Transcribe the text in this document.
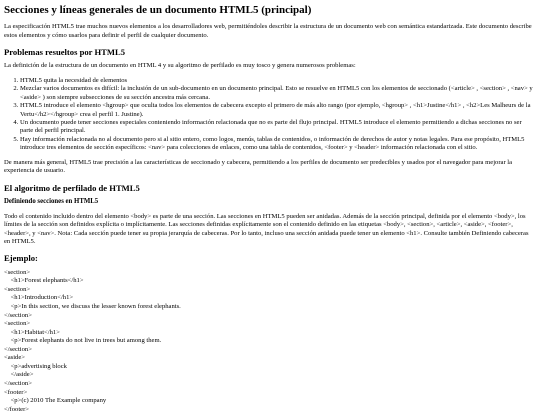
Secciones y líneas generales de un documento HTML5 (principal)

La especificación HTML5 trae muchos nuevos elementos a los desarrolladores web, permitiéndoles describir la estructura de un documento web con semántica estandarizada. Este documento describe estos elementos y cómo usarlos para definir el perfil de cualquier documento.

Problemas resueltos por HTML5

La definición de la estructura de un documento en HTML 4 y su algoritmo de perfilado es muy tosco y genera numerosos problemas:

1. HTML5 quita la necesidad de elementos
2. Mezclar varios documentos es difícil: la inclusión de un sub-documento en un documento principal. Esto se resuelve en HTML5 con los elementos de seccionado (<article> , <section> , <nav> y <aside> ) son siempre subsecciones de su sección ancestra más cercana.
3. HTML5 introduce el elemento <hgroup> que oculta todos los elementos de cabecera excepto el primero de más alto rango (por ejemplo, <hgroup> , <h1>Justine</h1> , <h2>Les Malheurs de la Vertu</h2></hgroup> crea el perfil 1. Justine).
4. Un documento puede tener secciones especiales conteniendo información relacionada que no es parte del flujo principal. HTML5 introduce el elemento permitiendo a dichas secciones no ser parte del perfil principal.
5. Hay información relacionada no al documento pero si al sitio entero, como logos, menús, tablas de contenidos, o información de derechos de autor y notas legales. Para ese propósito, HTML5 introduce tres elementos de sección específicos: <nav> para colecciones de enlaces, como una tabla de contenidos, <footer> y <header> información relacionada con el sitio.

De manera más general, HTML5 trae precisión a las características de seccionado y cabecera, permitiendo a los perfiles de documento ser predecibles y usados por el navegador para mejorar la experiencia de usuario.

El algoritmo de perfilado de HTML5
Definiendo secciones en HTML5

Todo el contenido incluido dentro del elemento <body> es parte de una sección. Las secciones en HTML5 pueden ser anidadas. Además de la sección principal, definida por el elemento <body>, los límites de la sección son definidos explícita o implícitamente. Las secciones definidas explícitamente son el contenido definido en las etiquetas <body>, <section>, <article>, <aside>, <footer>, <header>, y <nav>. Nota: Cada sección puede tener su propia jerarquía de cabeceras. Por lo tanto, incluso una sección anidada puede tener un elemento <h1>. Consulte también Definiendo cabeceras en HTML5.

Ejemplo:
<section>
<h1>Forest elephants</h1>
<section>
<h1>Introduction</h1>
<p>In this section, we discuss the lesser known forest elephants.
</section>
<section>
<h1>Habitat</h1>
<p>Forest elephants do not live in trees but among them.
</section>
<aside>
<p>advertising block
</aside>
</section>
<footer>
<p>(c) 2010 The Example company
</footer>
